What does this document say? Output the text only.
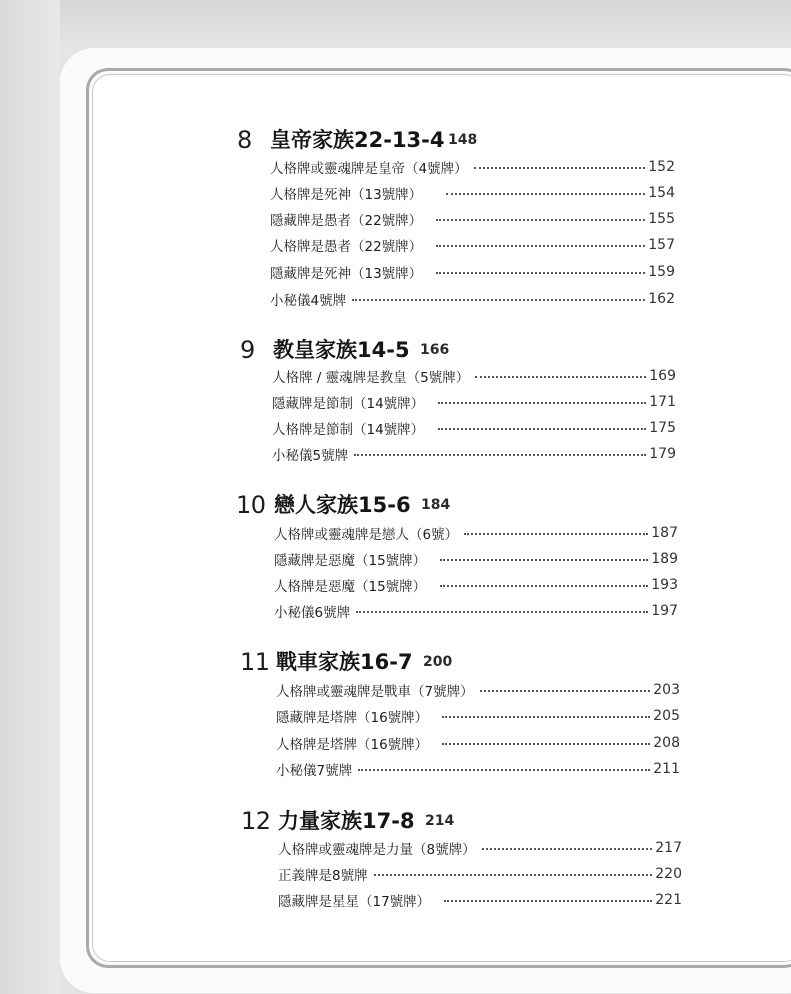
8 皇帝家族22-13-4 148
人格牌或靈魂牌是皇帝（4號牌）	152
人格牌是死神（13號牌）	154
隱藏牌是愚者（22號牌）	155
人格牌是愚者（22號牌）	157
隱藏牌是死神（13號牌）	159
小秘儀4號牌	162
9 教皇家族14-5 166
人格牌 / 靈魂牌是教皇（5號牌）	169
隱藏牌是節制（14號牌）	171
人格牌是節制（14號牌）	175
小秘儀5號牌	179
10 戀人家族15-6 184
人格牌或靈魂牌是戀人（6號）	187
隱藏牌是惡魔（15號牌）	189
人格牌是惡魔（15號牌）	193
小秘儀6號牌	197
11 戰車家族16-7 200
人格牌或靈魂牌是戰車（7號牌）	203
隱藏牌是塔牌（16號牌）	205
人格牌是塔牌（16號牌）	208
小秘儀7號牌	211
12 力量家族17-8 214
人格牌或靈魂牌是力量（8號牌）	217
正義牌是8號牌	220
隱藏牌是星星（17號牌）	221
